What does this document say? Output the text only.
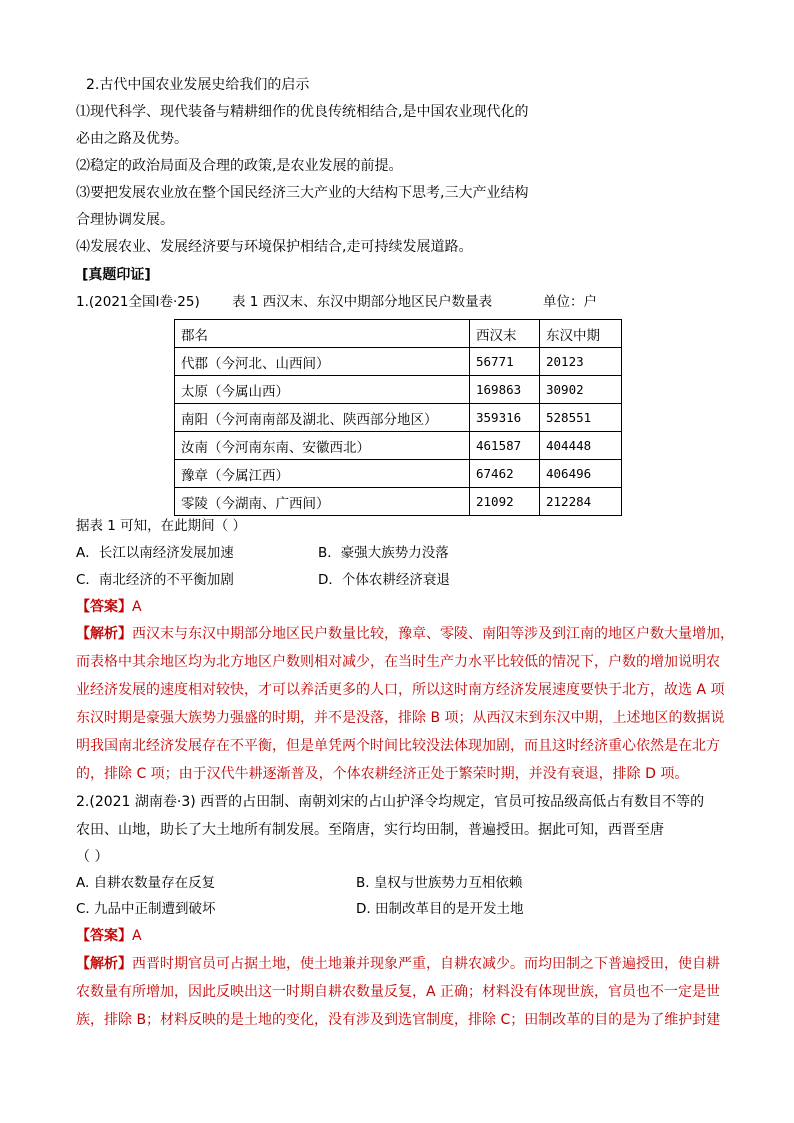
2.古代中国农业发展史给我们的启示
⑴现代科学、现代装备与精耕细作的优良传统相结合,是中国农业现代化的
必由之路及优势。
⑵稳定的政治局面及合理的政策,是农业发展的前提。
⑶要把发展农业放在整个国民经济三大产业的大结构下思考,三大产业结构
合理协调发展。
⑷发展农业、发展经济要与环境保护相结合,走可持续发展道路。
[真题印证]
1.(2021全国Ⅰ卷·25) 表 1 西汉末、东汉中期部分地区民户数量表	单位：户
郡名	西汉末	东汉中期
代郡（今河北、山西间）	56771	20123
太原（今属山西）	169863	30902
南阳（今河南南部及湖北、陕西部分地区）	359316	528551
汝南（今河南东南、安徽西北）	461587	404448
豫章（今属江西）	67462	406496
零陵（今湖南、广西间）	21092	212284
据表 1 可知，在此期间（ ）
A．长江以南经济发展加速	B．豪强大族势力没落
C．南北经济的不平衡加剧	D．个体农耕经济衰退
【答案】A
【解析】西汉末与东汉中期部分地区民户数量比较，豫章、零陵、南阳等涉及到江南的地区户数大量增加，
而表格中其余地区均为北方地区户数则相对减少，在当时生产力水平比较低的情况下，户数的增加说明农
业经济发展的速度相对较快，才可以养活更多的人口，所以这时南方经济发展速度要快于北方，故选 A 项
东汉时期是豪强大族势力强盛的时期，并不是没落，排除 B 项；从西汉末到东汉中期，上述地区的数据说
明我国南北经济发展存在不平衡，但是单凭两个时间比较没法体现加剧，而且这时经济重心依然是在北方
的，排除 C 项；由于汉代牛耕逐渐普及，个体农耕经济正处于繁荣时期，并没有衰退，排除 D 项。
2.(2021 湖南卷·3) 西晋的占田制、南朝刘宋的占山护泽令均规定，官员可按品级高低占有数目不等的
农田、山地，助长了大土地所有制发展。至隋唐，实行均田制，普遍授田。据此可知，西晋至唐
（ ）
A. 自耕农数量存在反复	B. 皇权与世族势力互相依赖
C. 九品中正制遭到破坏	D. 田制改革目的是开发土地
【答案】A
【解析】西晋时期官员可占据土地，使土地兼并现象严重，自耕农减少。而均田制之下普遍授田，使自耕
农数量有所增加，因此反映出这一时期自耕农数量反复，A 正确；材料没有体现世族，官员也不一定是世
族，排除 B；材料反映的是土地的变化，没有涉及到选官制度，排除 C；田制改革的目的是为了维护封建
